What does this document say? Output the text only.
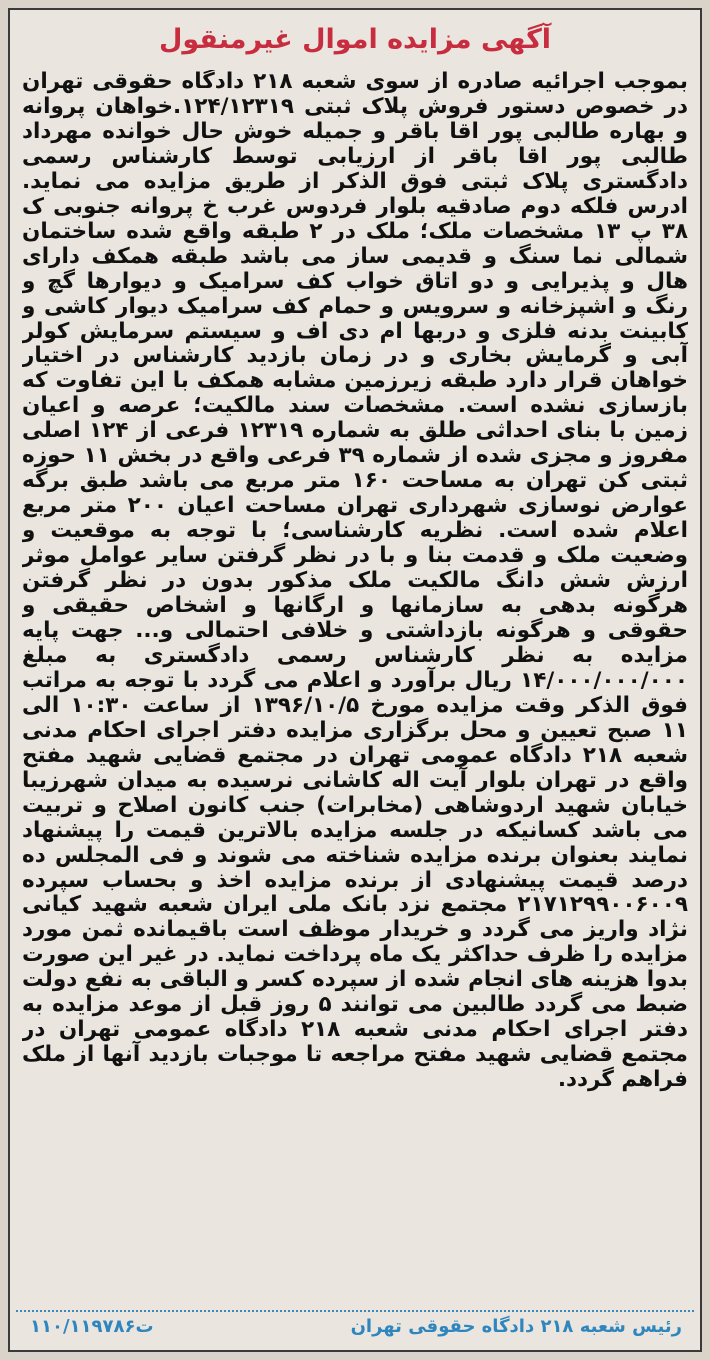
آگهی مزایده اموال غیرمنقول

بموجب اجرائیه صادره از سوی شعبه ۲۱۸ دادگاه حقوقی تهران در خصوص دستور فروش پلاک ثبتی ۱۲۴/۱۲۳۱۹.خواهان پروانه و بهاره طالبی پور اقا باقر و جمیله خوش حال خوانده مهرداد طالبی پور اقا باقر از ارزیابی توسط کارشناس رسمی دادگستری پلاک ثبتی فوق الذکر از طریق مزایده می نماید. ادرس فلکه دوم صادقیه بلوار فردوس غرب خ پروانه جنوبی ک ۳۸ پ ۱۳ مشخصات ملک؛ ملک در ۲ طبقه واقع شده ساختمان شمالی نما سنگ و قدیمی ساز می باشد طبقه همکف دارای هال و پذیرایی و دو اتاق خواب کف سرامیک و دیوارها گچ و رنگ و اشپزخانه و سرویس و حمام کف سرامیک دیوار کاشی و کابینت بدنه فلزی و دربها ام دی اف و سیستم سرمایش کولر آبی و گرمایش بخاری و در زمان بازدید کارشناس در اختیار خواهان قرار دارد طبقه زیرزمین مشابه همکف با این تفاوت که بازسازی نشده است. مشخصات سند مالکیت؛ عرصه و اعیان زمین با بنای احداثی طلق به شماره ۱۲۳۱۹ فرعی از ۱۲۴ اصلی مفروز و مجزی شده از شماره ۳۹ فرعی واقع در بخش ۱۱ حوزه ثبتی کن تهران به مساحت ۱۶۰ متر مربع می باشد طبق برگه عوارض نوسازی شهرداری تهران مساحت اعیان ۲۰۰ متر مربع اعلام شده است. نظریه کارشناسی؛ با توجه به موقعیت و وضعیت ملک و قدمت بنا و با در نظر گرفتن سایر عوامل موثر ارزش شش دانگ مالکیت ملک مذکور بدون در نظر گرفتن هرگونه بدهی به سازمانها و ارگانها و اشخاص حقیقی و حقوقی و هرگونه بازداشتی و خلافی احتمالی و... جهت پایه مزایده به نظر کارشناس رسمی دادگستری به مبلغ ۱۴/۰۰۰/۰۰۰/۰۰۰ ریال برآورد و اعلام می گردد با توجه به مراتب فوق الذکر وقت مزایده مورخ ۱۳۹۶/۱۰/۵ از ساعت ۱۰:۳۰ الی ۱۱ صبح تعیین و محل برگزاری مزایده دفتر اجرای احکام مدنی شعبه ۲۱۸ دادگاه عمومی تهران در مجتمع قضایی شهید مفتح واقع در تهران بلوار آیت اله کاشانی نرسیده به میدان شهرزیبا خیابان شهید اردوشاهی (مخابرات) جنب کانون اصلاح و تربیت می باشد کسانیکه در جلسه مزایده بالاترین قیمت را پیشنهاد نمایند بعنوان برنده مزایده شناخته می شوند و فی المجلس ده درصد قیمت پیشنهادی از برنده مزایده اخذ و بحساب سپرده ۲۱۷۱۲۹۹۰۰۶۰۰۹ مجتمع نزد بانک ملی ایران شعبه شهید کیانی نژاد واریز می گردد و خریدار موظف است باقیمانده ثمن مورد مزایده را ظرف حداکثر یک ماه پرداخت نماید. در غیر این صورت بدوا هزینه های انجام شده از سپرده کسر و الباقی به نفع دولت ضبط می گردد طالبین می توانند ۵ روز قبل از موعد مزایده به دفتر اجرای احکام مدنی شعبه ۲۱۸ دادگاه عمومی تهران در مجتمع قضایی شهید مفتح مراجعه تا موجبات بازدید آنها از ملک فراهم گردد.

رئیس شعبه ۲۱۸ دادگاه حقوقی تهران
۱۱۰/۱۱۹۷۸۶ت
